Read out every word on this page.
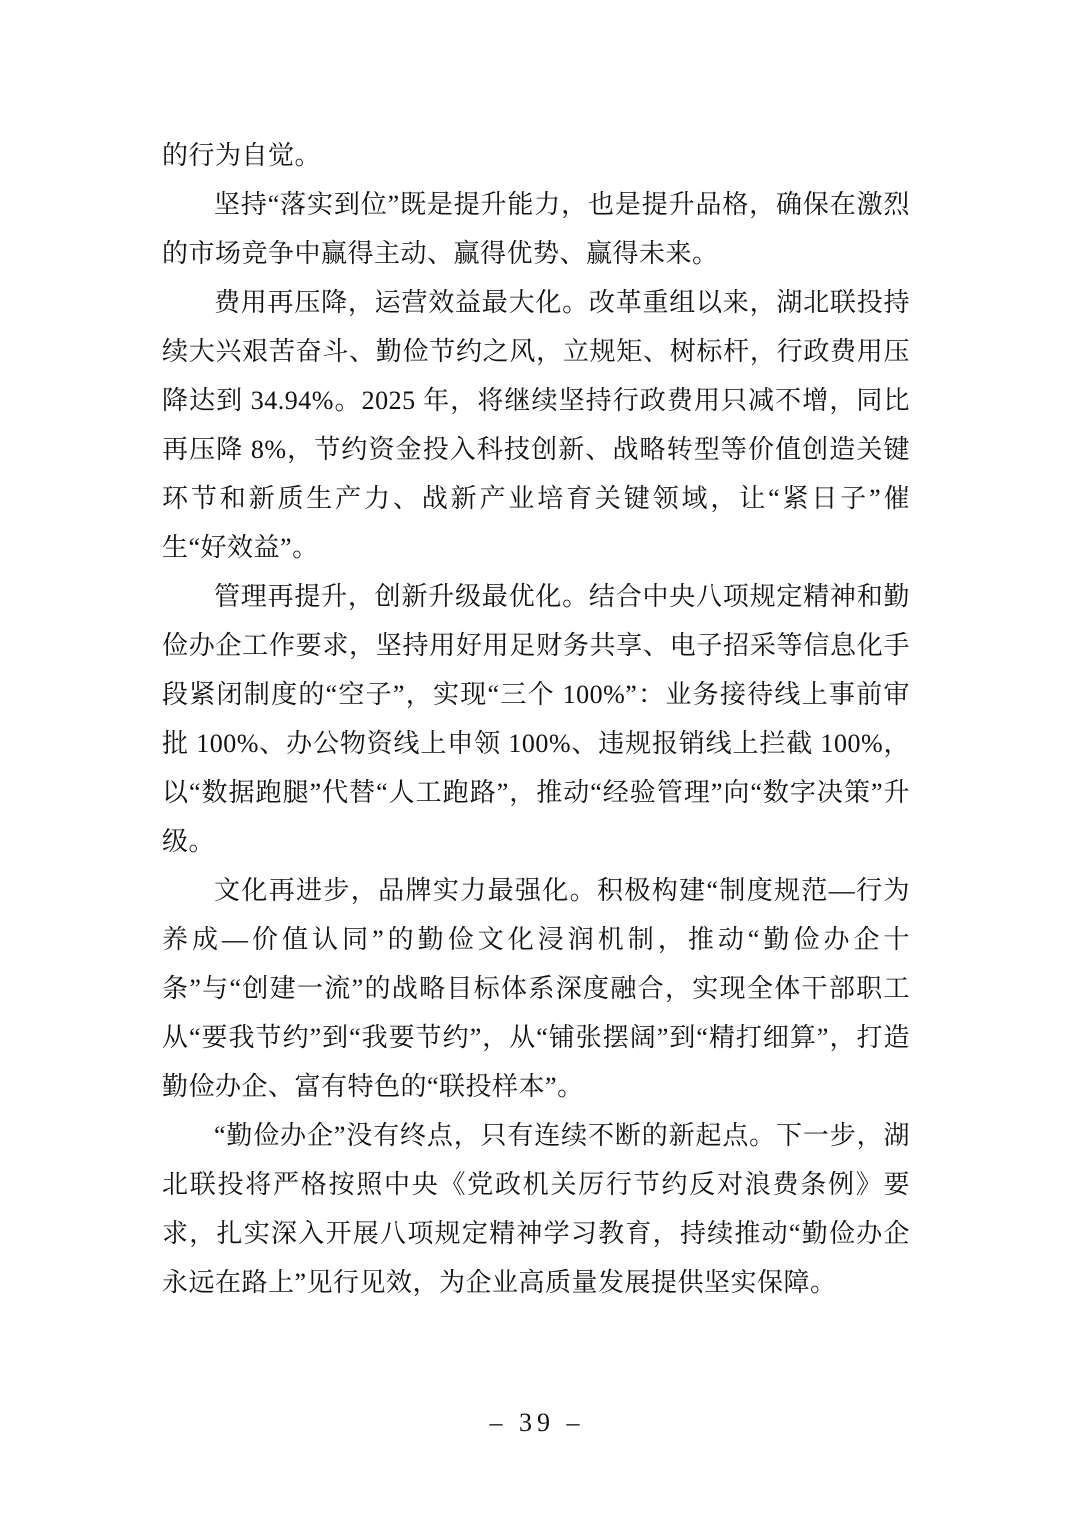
的行为自觉。

坚持“落实到位”既是提升能力，也是提升品格，确保在激烈的市场竞争中赢得主动、赢得优势、赢得未来。

费用再压降，运营效益最大化。改革重组以来，湖北联投持续大兴艰苦奋斗、勤俭节约之风，立规矩、树标杆，行政费用压降达到 34.94%。2025 年，将继续坚持行政费用只减不增，同比再压降 8%，节约资金投入科技创新、战略转型等价值创造关键环节和新质生产力、战新产业培育关键领域，让“紧日子”催生“好效益”。

管理再提升，创新升级最优化。结合中央八项规定精神和勤俭办企工作要求，坚持用好用足财务共享、电子招采等信息化手段紧闭制度的“空子”，实现“三个 100%”：业务接待线上事前审批 100%、办公物资线上申领 100%、违规报销线上拦截 100%，以“数据跑腿”代替“人工跑路”，推动“经验管理”向“数字决策”升级。

文化再进步，品牌实力最强化。积极构建“制度规范—行为养成—价值认同”的勤俭文化浸润机制，推动“勤俭办企十条”与“创建一流”的战略目标体系深度融合，实现全体干部职工从“要我节约”到“我要节约”，从“铺张摆阔”到“精打细算”，打造勤俭办企、富有特色的“联投样本”。

“勤俭办企”没有终点，只有连续不断的新起点。下一步，湖北联投将严格按照中央《党政机关厉行节约反对浪费条例》要求，扎实深入开展八项规定精神学习教育，持续推动“勤俭办企永远在路上”见行见效，为企业高质量发展提供坚实保障。

– 39 –
